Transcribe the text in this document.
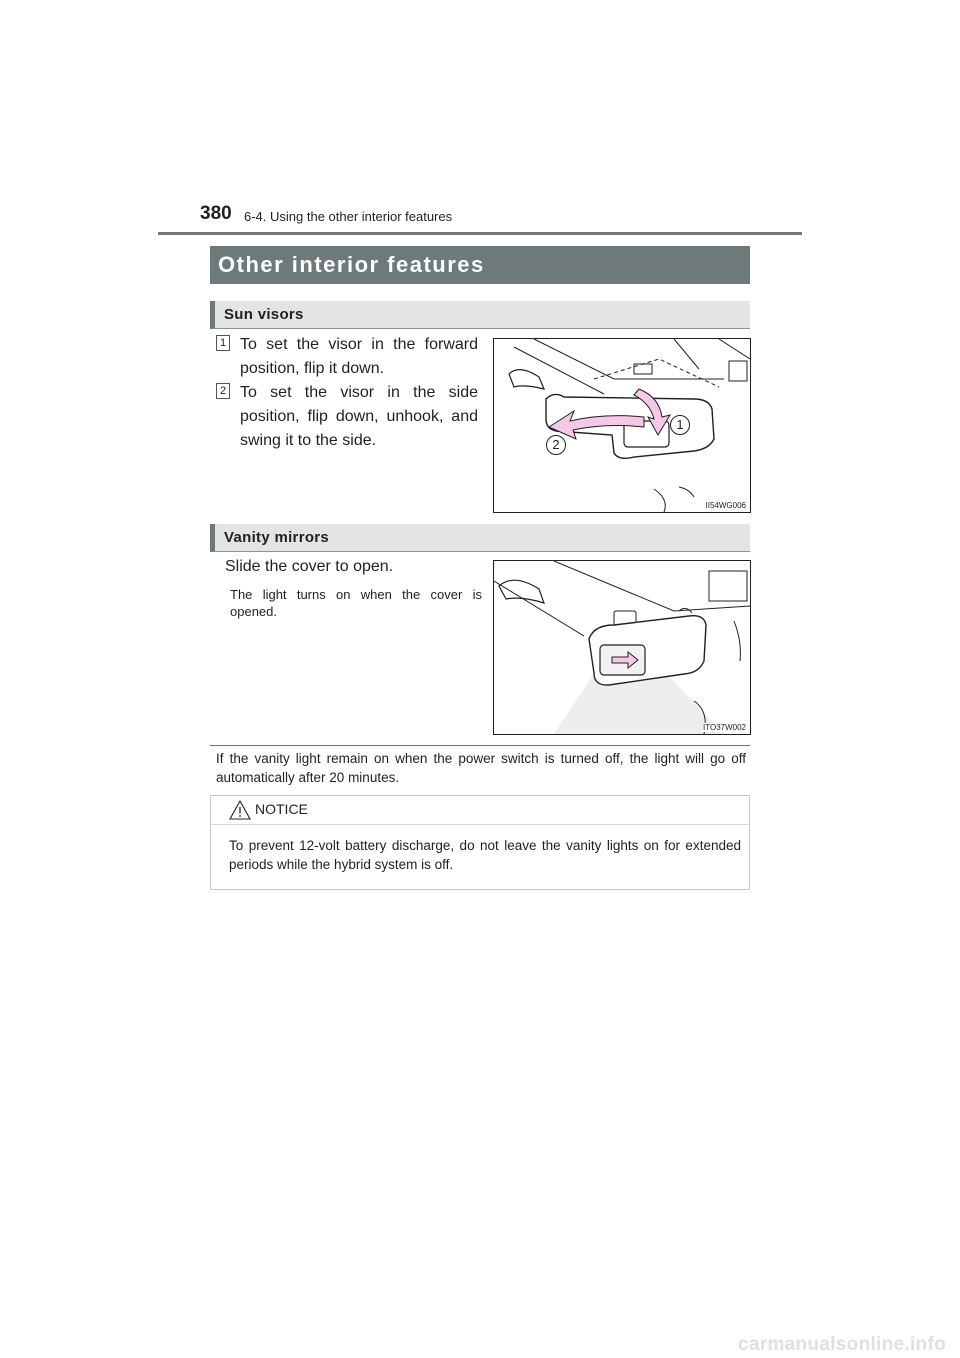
380 6-4. Using the other interior features
Other interior features
Sun visors
1 To set the visor in the forward position, flip it down.
2 To set the visor in the side position, flip down, unhook, and swing it to the side.
1
2
II54WG006
Vanity mirrors
Slide the cover to open.
The light turns on when the cover is opened.
ITO37W002
If the vanity light remain on when the power switch is turned off, the light will go off automatically after 20 minutes.
NOTICE
To prevent 12-volt battery discharge, do not leave the vanity lights on for extended periods while the hybrid system is off.
carmanualsonline.info
